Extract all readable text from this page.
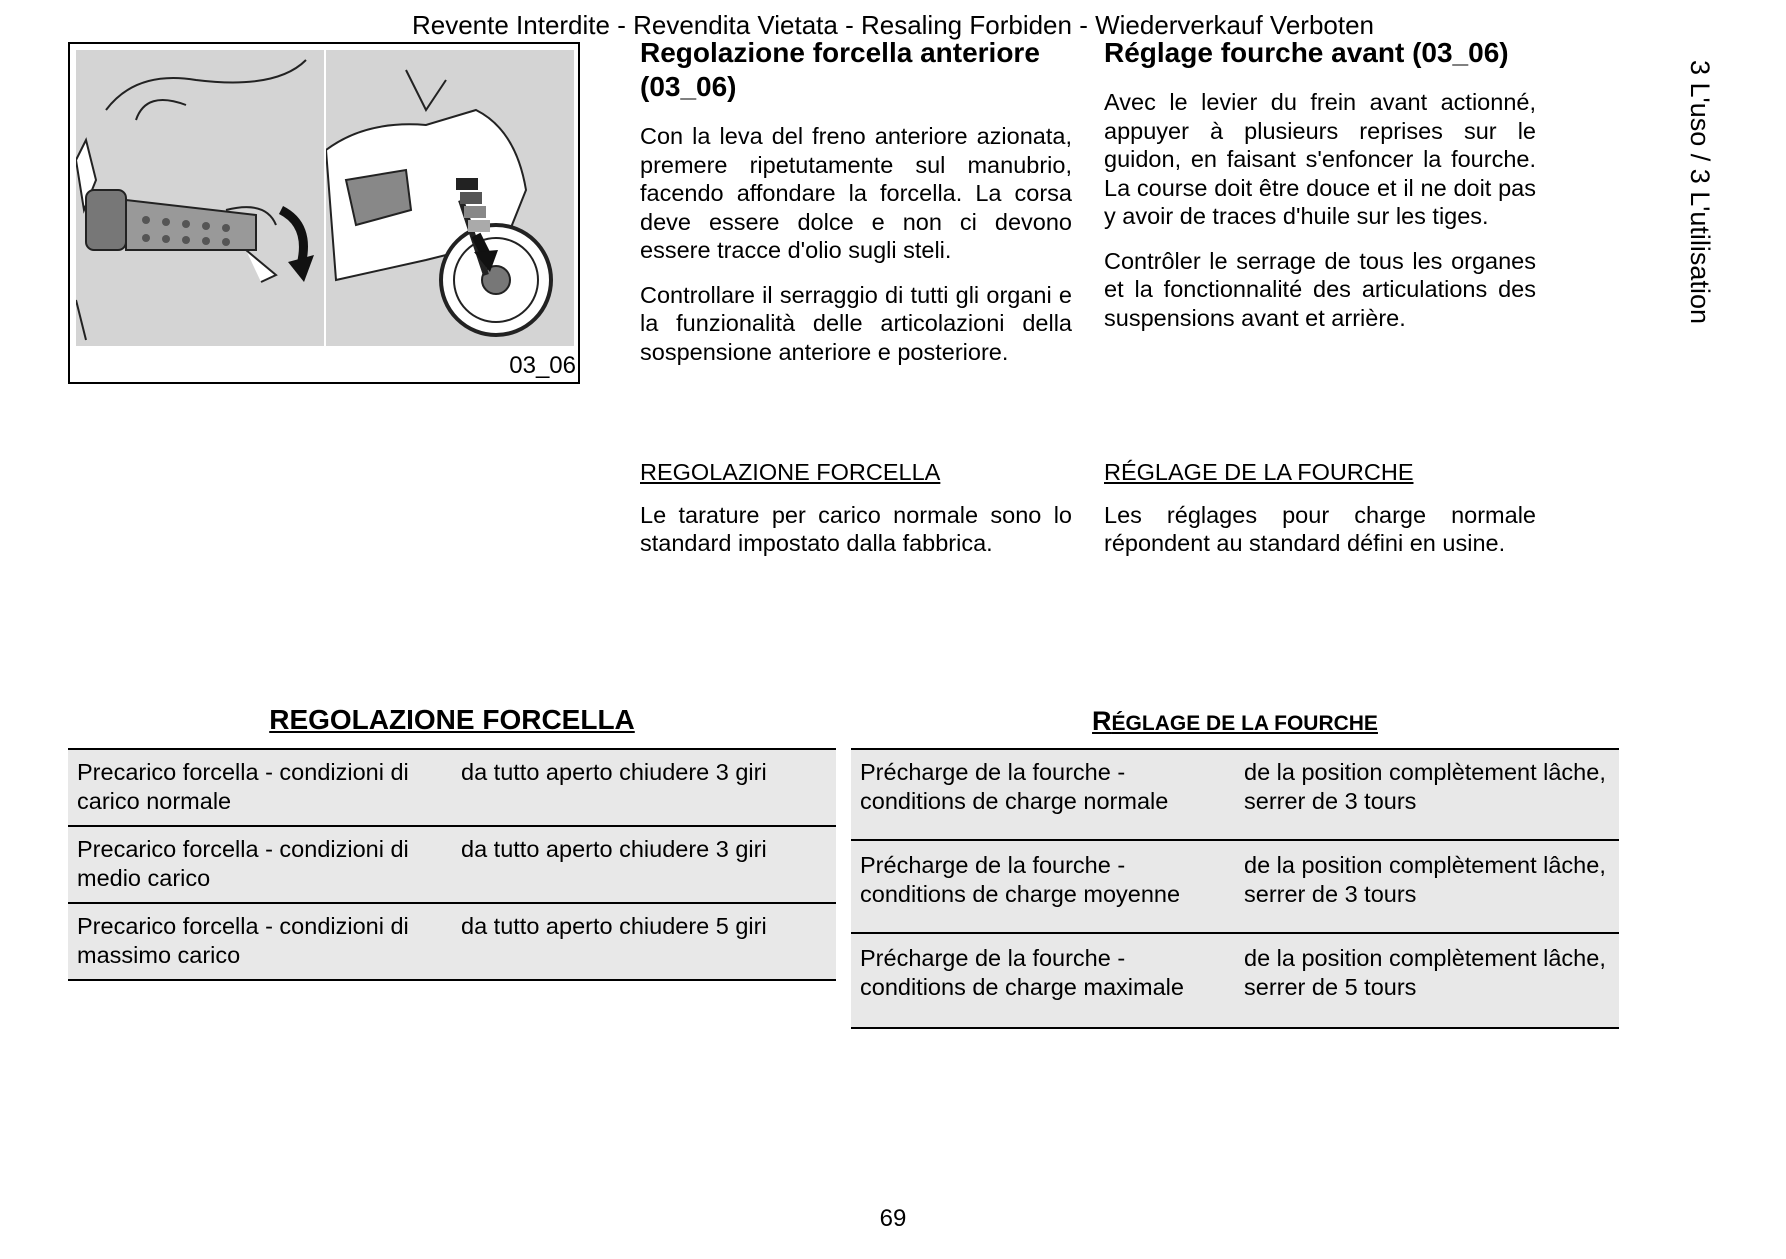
Revente Interdite - Revendita Vietata - Resaling Forbiden - Wiederverkauf Verboten
3 L'uso / 3 L'utilisation
03_06
Regolazione forcella anteriore (03_06)

Con la leva del freno anteriore azionata, premere ripetutamente sul manubrio, facendo affondare la forcella. La corsa deve essere dolce e non ci devono essere tracce d'olio sugli steli.

Controllare il serraggio di tutti gli organi e la funzionalità delle articolazioni della sospensione anteriore e posteriore.

Réglage fourche avant (03_06)

Avec le levier du frein avant actionné, appuyer à plusieurs reprises sur le guidon, en faisant s'enfoncer la fourche. La course doit être douce et il ne doit pas y avoir de traces d'huile sur les tiges.

Contrôler le serrage de tous les organes et la fonctionnalité des articulations des suspensions avant et arrière.

REGOLAZIONE FORCELLA

Le tarature per carico normale sono lo standard impostato dalla fabbrica.

RÉGLAGE DE LA FOURCHE

Les réglages pour charge normale répondent au standard défini en usine.

REGOLAZIONE FORCELLA
Precarico forcella - condizioni di carico normale	da tutto aperto chiudere 3 giri
Precarico forcella - condizioni di medio carico	da tutto aperto chiudere 3 giri
Precarico forcella - condizioni di massimo carico	da tutto aperto chiudere 5 giri
RÉGLAGE DE LA FOURCHE
Précharge de la fourche - conditions de charge normale	de la position complètement lâche, serrer de 3 tours
Précharge de la fourche - conditions de charge moyenne	de la position complètement lâche, serrer de 3 tours
Précharge de la fourche - conditions de charge maximale	de la position complètement lâche, serrer de 5 tours
69
